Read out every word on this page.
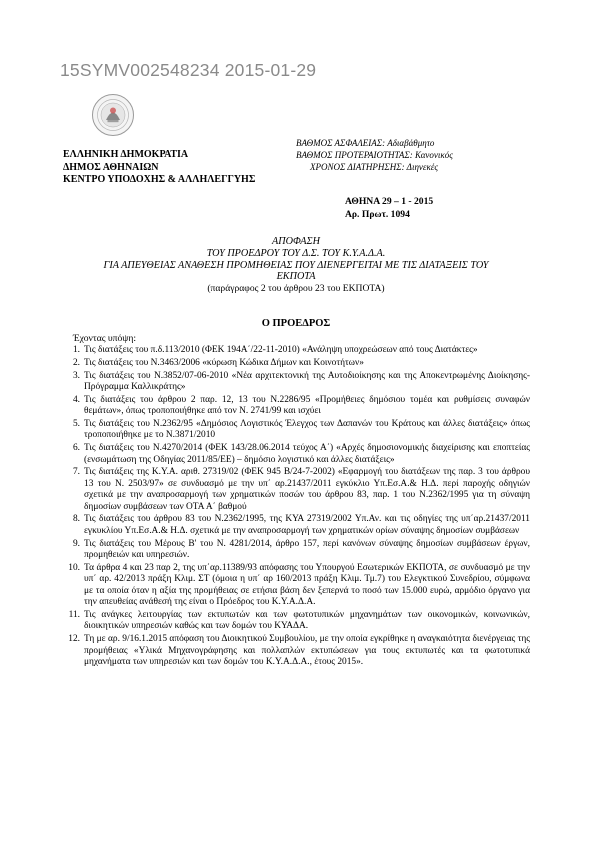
15SYMV002548234 2015-01-29
ΕΛΛΗΝΙΚΗ ΔΗΜΟΚΡΑΤΙΑ
ΔΗΜΟΣ ΑΘΗΝΑΙΩΝ
ΚΕΝΤΡΟ ΥΠΟΔΟΧΗΣ & ΑΛΛΗΛΕΓΓΥΗΣ
ΒΑΘΜΟΣ ΑΣΦΑΛΕΙΑΣ: Αδιαβάθμητο
ΒΑΘΜΟΣ ΠΡΟΤΕΡΑΙΟΤΗΤΑΣ: Κανονικός
ΧΡΟΝΟΣ ΔΙΑΤΗΡΗΣΗΣ: Διηνεκές
ΑΘΗΝΑ 29 – 1 - 2015
Αρ. Πρωτ. 1094
ΑΠΟΦΑΣΗ
ΤΟΥ ΠΡΟΕΔΡΟΥ ΤΟΥ Δ.Σ. ΤΟΥ Κ.Υ.Α.Δ.Α.
ΓΙΑ ΑΠΕΥΘΕΙΑΣ ΑΝΑΘΕΣΗ ΠΡΟΜΗΘΕΙΑΣ ΠΟΥ ΔΙΕΝΕΡΓΕΙΤΑΙ ΜΕ ΤΙΣ ΔΙΑΤΑΞΕΙΣ ΤΟΥ
ΕΚΠΟΤΑ
(παράγραφος 2 του άρθρου 23 του ΕΚΠΟΤΑ)
Ο ΠΡΟΕΔΡΟΣ
Έχοντας υπόψη:
1. Τις διατάξεις του π.δ.113/2010 (ΦΕΚ 194Α΄/22-11-2010) «Ανάληψη υποχρεώσεων από τους Διατάκτες»
2. Τις διατάξεις του Ν.3463/2006 «κύρωση Κώδικα Δήμων και Κοινοτήτων»
3. Τις διατάξεις του Ν.3852/07-06-2010 «Νέα αρχιτεκτονική της Αυτοδιοίκησης και της Αποκεντρωμένης Διοίκησης-Πρόγραμμα Καλλικράτης»
4. Τις διατάξεις του άρθρου 2 παρ. 12, 13 του Ν.2286/95 «Προμήθειες δημόσιου τομέα και ρυθμίσεις συναφών θεμάτων», όπως τροποποιήθηκε από τον Ν. 2741/99 και ισχύει
5. Τις διατάξεις του Ν.2362/95 «Δημόσιος Λογιστικός Έλεγχος των Δαπανών του Κράτους και άλλες διατάξεις» όπως τροποποιήθηκε με το Ν.3871/2010
6. Τις διατάξεις του Ν.4270/2014 (ΦΕΚ 143/28.06.2014 τεύχος Α΄) «Αρχές δημοσιονομικής διαχείρισης και εποπτείας (ενσωμάτωση της Οδηγίας 2011/85/ΕΕ) – δημόσιο λογιστικό και άλλες διατάξεις»
7. Τις διατάξεις της Κ.Υ.Α. αριθ. 27319/02 (ΦΕΚ 945 Β/24-7-2002) «Εφαρμογή του διατάξεων της παρ. 3 του άρθρου 13 του Ν. 2503/97» σε συνδυασμό με την υπ΄ αρ.21437/2011 εγκύκλιο Υπ.Εσ.Α.& Η.Δ. περί παροχής οδηγιών σχετικά με την αναπροσαρμογή των χρηματικών ποσών του άρθρου 83, παρ. 1 του Ν.2362/1995 για τη σύναψη δημοσίων συμβάσεων των ΟΤΑ Α΄ βαθμού
8. Τις διατάξεις του άρθρου 83 του Ν.2362/1995, της ΚΥΑ 27319/2002 Υπ.Αν. και τις οδηγίες της υπ΄αρ.21437/2011 εγκυκλίου Υπ.Εσ.Α.& Η.Δ. σχετικά με την αναπροσαρμογή των χρηματικών ορίων σύναψης δημοσίων συμβάσεων
9. Τις διατάξεις του Μέρους Β' του Ν. 4281/2014, άρθρο 157, περί κανόνων σύναψης δημοσίων συμβάσεων έργων, προμηθειών και υπηρεσιών.
10. Τα άρθρα 4 και 23 παρ 2, της υπ΄αρ.11389/93 απόφασης του Υπουργού Εσωτερικών ΕΚΠΟΤΑ, σε συνδυασμό με την υπ΄ αρ. 42/2013 πράξη Κλιμ. ΣΤ (όμοια η υπ΄ αρ 160/2013 πράξη Κλιμ. Τμ.7) του Ελεγκτικού Συνεδρίου, σύμφωνα με τα οποία όταν η αξία της προμήθειας σε ετήσια βάση δεν ξεπερνά το ποσό των 15.000 ευρώ, αρμόδιο όργανο για την απευθείας ανάθεσή της είναι ο Πρόεδρος του Κ.Υ.Α.Δ.Α.
11. Τις ανάγκες λειτουργίας των εκτυπωτών και των φωτοτυπικών μηχανημάτων των οικονομικών, κοινωνικών, διοικητικών υπηρεσιών καθώς και των δομών του ΚΥΑΔΑ.
12. Τη με αρ. 9/16.1.2015 απόφαση του Διοικητικού Συμβουλίου, με την οποία εγκρίθηκε η αναγκαιότητα διενέργειας της προμήθειας «Υλικά Μηχανογράφησης και πολλαπλών εκτυπώσεων για τους εκτυπωτές και τα φωτοτυπικά μηχανήματα των υπηρεσιών και των δομών του Κ.Υ.Α.Δ.Α., έτους 2015».
